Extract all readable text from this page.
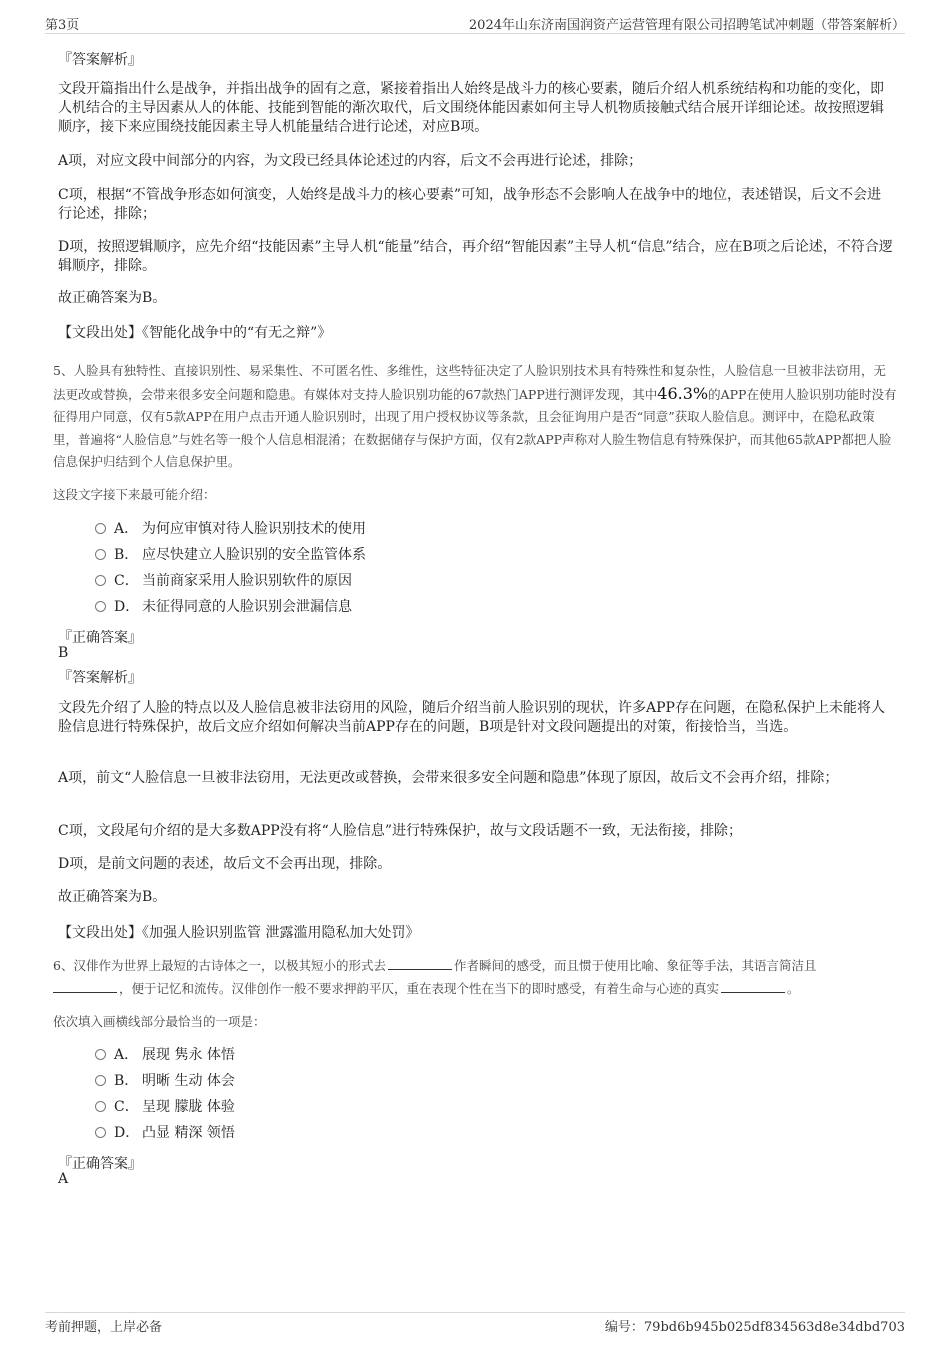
第3页	2024年山东济南国润资产运营管理有限公司招聘笔试冲刺题（带答案解析）
『答案解析』
文段开篇指出什么是战争，并指出战争的固有之意，紧接着指出人始终是战斗力的核心要素，随后介绍人机系统结构和功能的变化，即人机结合的主导因素从人的体能、技能到智能的渐次取代，后文围绕体能因素如何主导人机物质接触式结合展开详细论述。故按照逻辑顺序，接下来应围绕技能因素主导人机能量结合进行论述，对应B项。
A项，对应文段中间部分的内容，为文段已经具体论述过的内容，后文不会再进行论述，排除；
C项，根据“不管战争形态如何演变，人始终是战斗力的核心要素”可知，战争形态不会影响人在战争中的地位，表述错误，后文不会进行论述，排除；
D项，按照逻辑顺序，应先介绍“技能因素”主导人机“能量”结合，再介绍“智能因素”主导人机“信息”结合，应在B项之后论述，不符合逻辑顺序，排除。
故正确答案为B。
【文段出处】《智能化战争中的“有无之辩”》
5、人脸具有独特性、直接识别性、易采集性、不可匿名性、多维性，这些特征决定了人脸识别技术具有特殊性和复杂性，人脸信息一旦被非法窃用，无法更改或替换，会带来很多安全问题和隐患。有媒体对支持人脸识别功能的67款热门APP进行测评发现，其中46.3%的APP在使用人脸识别功能时没有征得用户同意，仅有5款APP在用户点击开通人脸识别时，出现了用户授权协议等条款，且会征询用户是否“同意”获取人脸信息。测评中，在隐私政策里，普遍将“人脸信息”与姓名等一般个人信息相混淆；在数据储存与保护方面，仅有2款APP声称对人脸生物信息有特殊保护，而其他65款APP都把人脸信息保护归结到个人信息保护里。
这段文字接下来最可能介绍：
A． 为何应审慎对待人脸识别技术的使用
B． 应尽快建立人脸识别的安全监管体系
C． 当前商家采用人脸识别软件的原因
D． 未征得同意的人脸识别会泄漏信息
『正确答案』
B
『答案解析』
文段先介绍了人脸的特点以及人脸信息被非法窃用的风险，随后介绍当前人脸识别的现状，许多APP存在问题，在隐私保护上未能将人脸信息进行特殊保护，故后文应介绍如何解决当前APP存在的问题，B项是针对文段问题提出的对策，衔接恰当，当选。
A项，前文“人脸信息一旦被非法窃用，无法更改或替换，会带来很多安全问题和隐患”体现了原因，故后文不会再介绍，排除；
C项，文段尾句介绍的是大多数APP没有将“人脸信息”进行特殊保护，故与文段话题不一致，无法衔接，排除；
D项，是前文问题的表述，故后文不会再出现，排除。
故正确答案为B。
【文段出处】《加强人脸识别监管 泄露滥用隐私加大处罚》
6、汉俳作为世界上最短的古诗体之一，以极其短小的形式去	作者瞬间的感受，而且惯于使用比喻、象征等手法，其语言简洁且
，便于记忆和流传。汉俳创作一般不要求押韵平仄，重在表现个性在当下的即时感受，有着生命与心迹的真实	。
依次填入画横线部分最恰当的一项是：
A． 展现 隽永 体悟
B． 明晰 生动 体会
C． 呈现 朦胧 体验
D． 凸显 精深 领悟
『正确答案』
A
考前押题，上岸必备	编号：79bd6b945b025df834563d8e34dbd703
